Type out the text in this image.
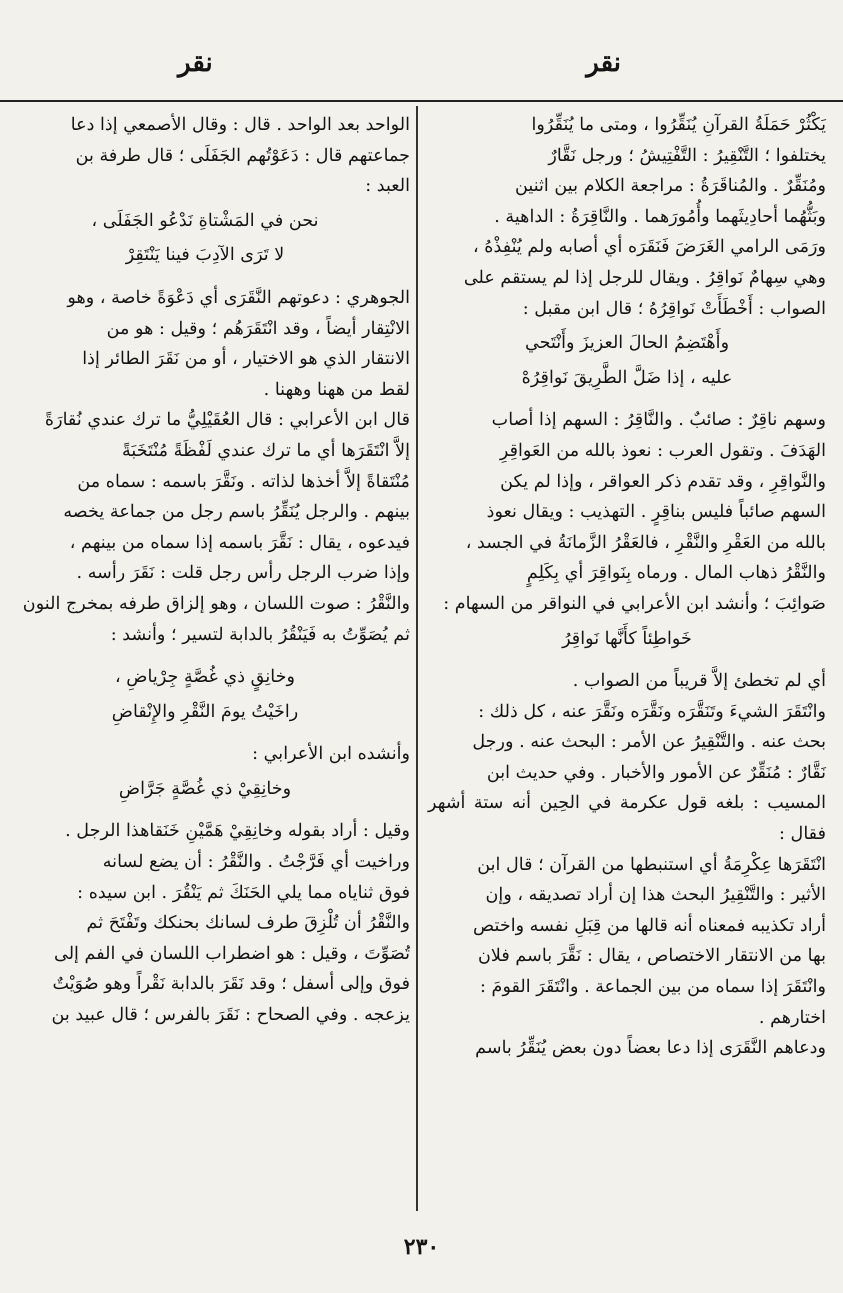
نقر
نقر

يَكْثُرْ حَمَلَةُ القرآنِ يُنَقِّرُوا ، ومتى ما يُنَقِّرُوا

يختلفوا ؛ التَّنْقِيرُ : التَّفْتِيشُ ؛ ورجل نَقَّارٌ

ومُنَقِّرٌ . والمُناقَرَةُ : مراجعة الكلام بين اثنين

وبَثُّهُما أحادِيثَهما وأُمُورَهما . والنَّاقِرَةُ : الداهية .

ورَمَى الرامي الغَرَضَ فَنَقَرَه أي أصابه ولم يُنْفِذْهُ ،

وهي سِهامٌ نَواقِرُ . ويقال للرجل إذا لم يستقم على

الصواب : أَخْطَأَتْ نَواقِرُهُ ؛ قال ابن مقبل :

وأَهْتَضِمُ الحالَ العزيزَ وأَنْتَحي

عليه ، إذا ضَلَّ الطَّرِيقَ نَواقِرُهْ

وسهم ناقِرٌ : صائبٌ . والنَّاقِرُ : السهم إذا أصاب

الهَدَفَ . وتقول العرب : نعوذ بالله من العَواقِرِ

والنَّواقِرِ ، وقد تقدم ذكر العواقر ، وإذا لم يكن

السهم صائباً فليس بناقِرٍ . التهذيب : ويقال نعوذ

بالله من العَقْرِ والنَّقْرِ ، فالعَقْرُ الزَّمانَةُ في الجسد ،

والنَّقْرُ ذهاب المال . ورماه بِنَواقِرَ أي بِكَلِمٍ

صَوائِبَ ؛ وأنشد ابن الأعرابي في النواقر من السهام :

خَواطِئاً كأَنَّها نَواقِرُ

أي لم تخطئ إلاَّ قريباً من الصواب .

وانْتَقَرَ الشيءَ وتَنَقَّرَه ونَقَّرَه ونَقَّرَ عنه ، كل ذلك :

بحث عنه . والتَّنْقِيرُ عن الأمر : البحث عنه . ورجل

نَقَّارٌ : مُنَقِّرٌ عن الأمور والأخبار . وفي حديث ابن

المسيب : بلغه قول عكرمة في الحِين أنه ستة أشهر فقال :

انْتَقَرَها عِكْرِمَةُ أي استنبطها من القرآن ؛ قال ابن

الأثير : والتَّنْقِيرُ البحث هذا إن أراد تصديقه ، وإن

أراد تكذيبه فمعناه أنه قالها من قِبَلِ نفسه واختص

بها من الانتقار الاختصاص ، يقال : نَقَّرَ باسم فلان

وانْتَقَرَ إذا سماه من بين الجماعة . وانْتَقَرَ القومَ :

اختارهم .

ودعاهم النَّقَرَى إذا دعا بعضاً دون بعض يُنَقِّرُ باسم

الواحد بعد الواحد . قال : وقال الأصمعي إذا دعا

جماعتهم قال : دَعَوْتُهم الجَفَلَى ؛ قال طرفة بن

العبد :

نحن في المَشْتاةِ نَدْعُو الجَفَلَى ،

لا تَرَى الآدِبَ فينا يَنْتَقِرْ

الجوهري : دعوتهم النَّقَرَى أي دَعْوَةً خاصة ، وهو

الانْتِقار أيضاً ، وقد انْتَقَرَهُم ؛ وقيل : هو من

الانتقار الذي هو الاختيار ، أو من نَقَرَ الطائر إذا

لقط من ههنا وههنا .

قال ابن الأعرابي : قال العُقَيْلِيُّ ما ترك عندي نُقارَةً

إلاَّ انْتَقَرَها أي ما ترك عندي لَفْظَةً مُنْتَخَبَةً

مُنْتَقاةً إلاَّ أخذها لذاته . ونَقَّرَ باسمه : سماه من

بينهم . والرجل يُنَقِّرُ باسم رجل من جماعة يخصه

فيدعوه ، يقال : نَقَّرَ باسمه إذا سماه من بينهم ،

وإذا ضرب الرجل رأس رجل قلت : نَقَرَ رأسه .

والنَّقْرُ : صوت اللسان ، وهو إلزاق طرفه بمخرج النون

ثم يُصَوِّتُ به فَيَنْقُرُ بالدابة لتسير ؛ وأنشد :

وخانِقٍ ذي غُصَّةٍ جِرْياضِ ،

راخَيْتُ يومَ النَّقْرِ والإِنْقاضِ

وأنشده ابن الأعرابي :

وخانِقِيْ ذي غُصَّةٍ جَرَّاضِ

وقيل : أراد بقوله وخانِقِيْ هَمَّيْنِ خَنَقاهذا الرجل .

وراخيت أي فَرَّجْتُ . والنَّقْرُ : أن يضع لسانه

فوق ثناياه مما يلي الحَنَكَ ثم يَنْقُرَ . ابن سيده :

والنَّقْرُ أن تُلْزِقَ طرف لسانك بحنكك وتَفْتَحَ ثم

تُصَوِّتَ ، وقيل : هو اضطراب اللسان في الفم إلى

فوق وإلى أسفل ؛ وقد نَقَرَ بالدابة نَقْراً وهو صُوَيْتٌ

يزعجه . وفي الصحاح : نَقَرَ بالفرس ؛ قال عبيد بن

٢٣٠
